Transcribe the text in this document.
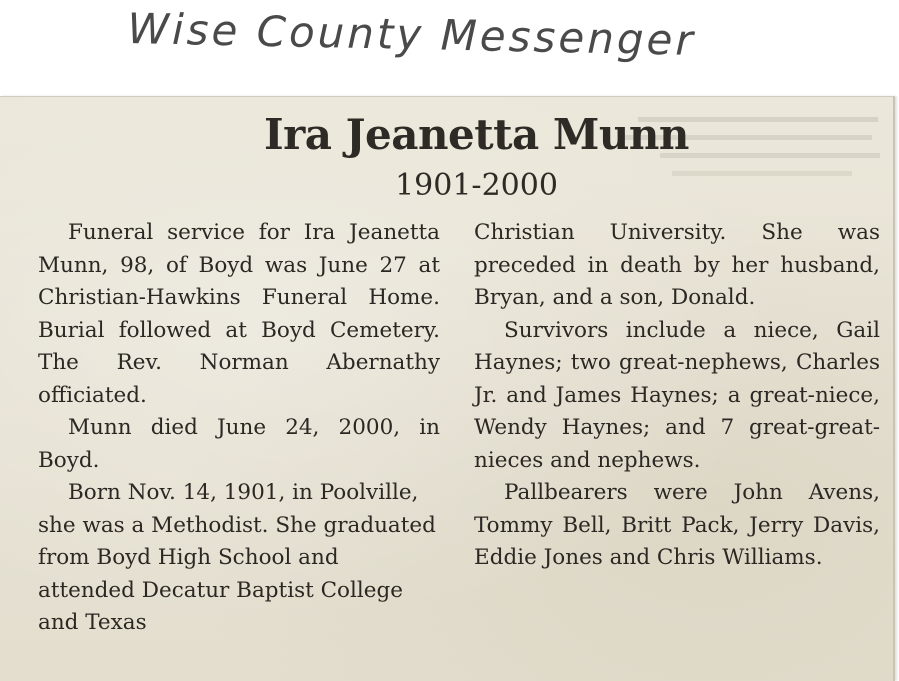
Wise County Messenger
Ira Jeanetta Munn
1901-2000

Funeral service for Ira Jeanetta Munn, 98, of Boyd was June 27 at Christian-Hawkins Funeral Home. Burial followed at Boyd Cemetery. The Rev. Norman Abernathy officiated.

Munn died June 24, 2000, in Boyd.

Born Nov. 14, 1901, in Poolville, she was a Methodist. She graduated from Boyd High School and attended Decatur Baptist College and Texas

Christian University. She was preceded in death by her husband, Bryan, and a son, Donald.

Survivors include a niece, Gail Haynes; two great-nephews, Charles Jr. and James Haynes; a great-niece, Wendy Haynes; and 7 great-great-nieces and nephews.

Pallbearers were John Avens, Tommy Bell, Britt Pack, Jerry Davis, Eddie Jones and Chris Williams.
